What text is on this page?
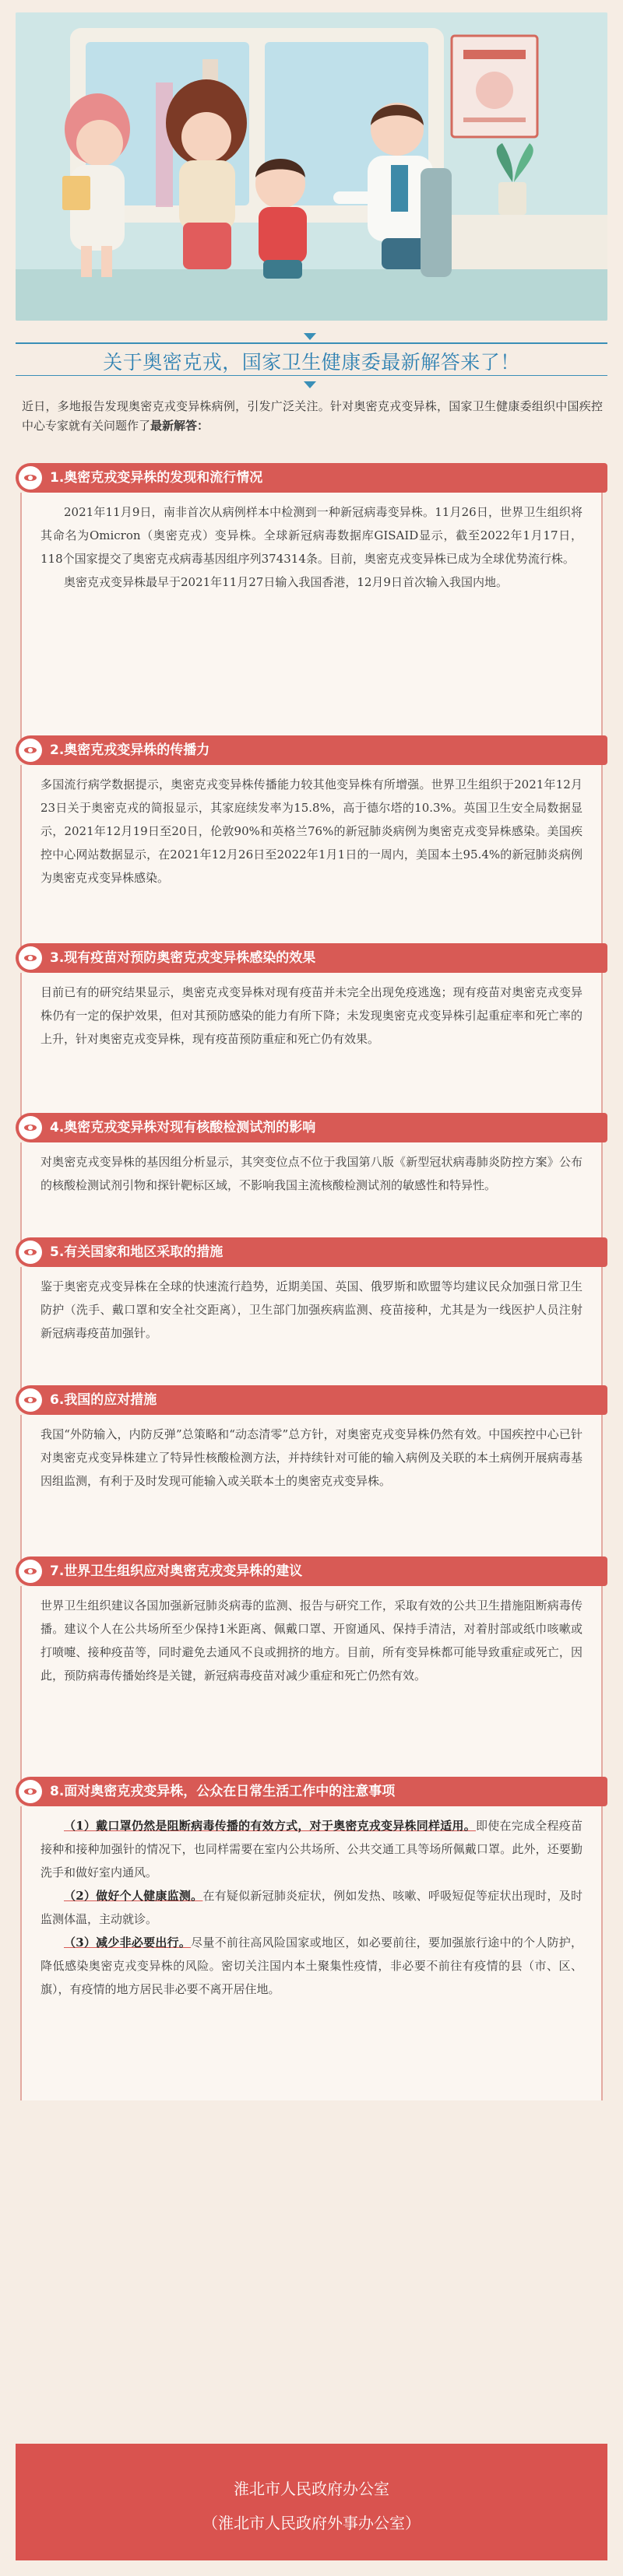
关于奥密克戎，国家卫生健康委最新解答来了！
近日，多地报告发现奥密克戎变异株病例，引发广泛关注。针对奥密克戎变异株，国家卫生健康委组织中国疾控中心专家就有关问题作了最新解答：
1.奥密克戎变异株的发现和流行情况

2021年11月9日，南非首次从病例样本中检测到一种新冠病毒变异株。11月26日，世界卫生组织将其命名为Omicron（奥密克戎）变异株。全球新冠病毒数据库GISAID显示，截至2022年1月17日，118个国家提交了奥密克戎病毒基因组序列374314条。目前，奥密克戎变异株已成为全球优势流行株。

奥密克戎变异株最早于2021年11月27日输入我国香港，12月9日首次输入我国内地。

2.奥密克戎变异株的传播力

多国流行病学数据提示，奥密克戎变异株传播能力较其他变异株有所增强。世界卫生组织于2021年12月23日关于奥密克戎的简报显示，其家庭续发率为15.8%，高于德尔塔的10.3%。英国卫生安全局数据显示，2021年12月19日至20日，伦敦90%和英格兰76%的新冠肺炎病例为奥密克戎变异株感染。美国疾控中心网站数据显示，在2021年12月26日至2022年1月1日的一周内，美国本土95.4%的新冠肺炎病例为奥密克戎变异株感染。

3.现有疫苗对预防奥密克戎变异株感染的效果

目前已有的研究结果显示，奥密克戎变异株对现有疫苗并未完全出现免疫逃逸；现有疫苗对奥密克戎变异株仍有一定的保护效果，但对其预防感染的能力有所下降；未发现奥密克戎变异株引起重症率和死亡率的上升，针对奥密克戎变异株，现有疫苗预防重症和死亡仍有效果。

4.奥密克戎变异株对现有核酸检测试剂的影响

对奥密克戎变异株的基因组分析显示，其突变位点不位于我国第八版《新型冠状病毒肺炎防控方案》公布的核酸检测试剂引物和探针靶标区域，不影响我国主流核酸检测试剂的敏感性和特异性。

5.有关国家和地区采取的措施

鉴于奥密克戎变异株在全球的快速流行趋势，近期美国、英国、俄罗斯和欧盟等均建议民众加强日常卫生防护（洗手、戴口罩和安全社交距离），卫生部门加强疾病监测、疫苗接种，尤其是为一线医护人员注射新冠病毒疫苗加强针。

6.我国的应对措施

我国“外防输入，内防反弹”总策略和“动态清零”总方针，对奥密克戎变异株仍然有效。中国疾控中心已针对奥密克戎变异株建立了特异性核酸检测方法，并持续针对可能的输入病例及关联的本土病例开展病毒基因组监测，有利于及时发现可能输入或关联本土的奥密克戎变异株。

7.世界卫生组织应对奥密克戎变异株的建议

世界卫生组织建议各国加强新冠肺炎病毒的监测、报告与研究工作，采取有效的公共卫生措施阻断病毒传播。建议个人在公共场所至少保持1米距离、佩戴口罩、开窗通风、保持手清洁，对着肘部或纸巾咳嗽或打喷嚏、接种疫苗等，同时避免去通风不良或拥挤的地方。目前，所有变异株都可能导致重症或死亡，因此，预防病毒传播始终是关键，新冠病毒疫苗对减少重症和死亡仍然有效。

8.面对奥密克戎变异株，公众在日常生活工作中的注意事项

（1）戴口罩仍然是阻断病毒传播的有效方式，对于奥密克戎变异株同样适用。即使在完成全程疫苗接种和接种加强针的情况下，也同样需要在室内公共场所、公共交通工具等场所佩戴口罩。此外，还要勤洗手和做好室内通风。

（2）做好个人健康监测。在有疑似新冠肺炎症状，例如发热、咳嗽、呼吸短促等症状出现时，及时监测体温，主动就诊。

（3）减少非必要出行。尽量不前往高风险国家或地区，如必要前往，要加强旅行途中的个人防护，降低感染奥密克戎变异株的风险。密切关注国内本土聚集性疫情，非必要不前往有疫情的县（市、区、旗），有疫情的地方居民非必要不离开居住地。

淮北市人民政府办公室
（淮北市人民政府外事办公室）
